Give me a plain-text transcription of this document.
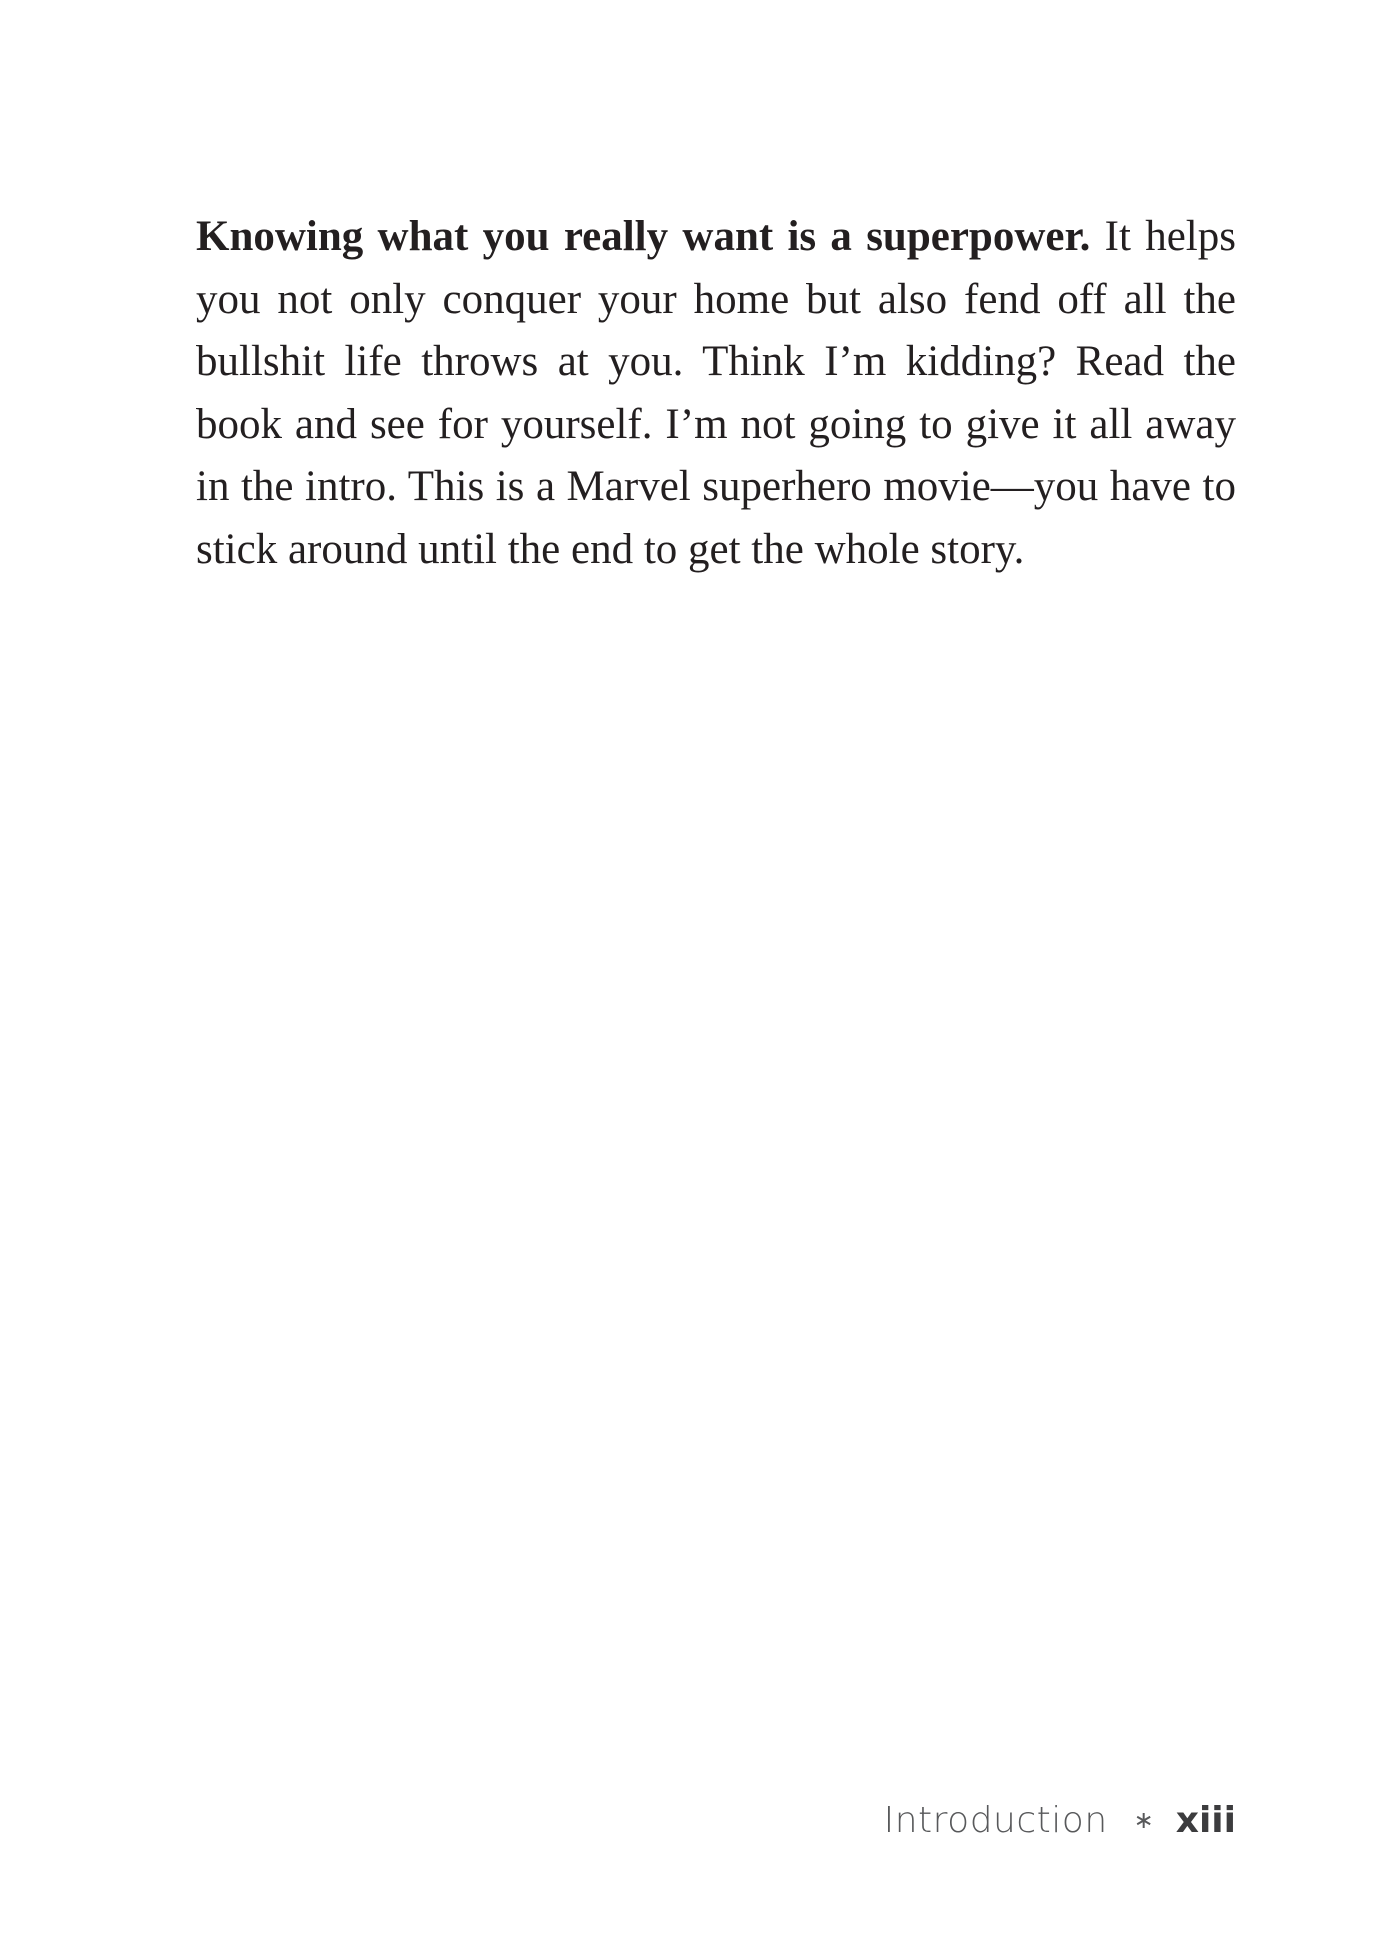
Knowing what you really want is a superpower. It helps you not only conquer your home but also fend off all the bullshit life throws at you. Think I’m kidding? Read the book and see for yourself. I’m not going to give it all away in the intro. This is a Marvel superhero movie—you have to stick around until the end to get the whole story.

Introduction ∗ xiii
